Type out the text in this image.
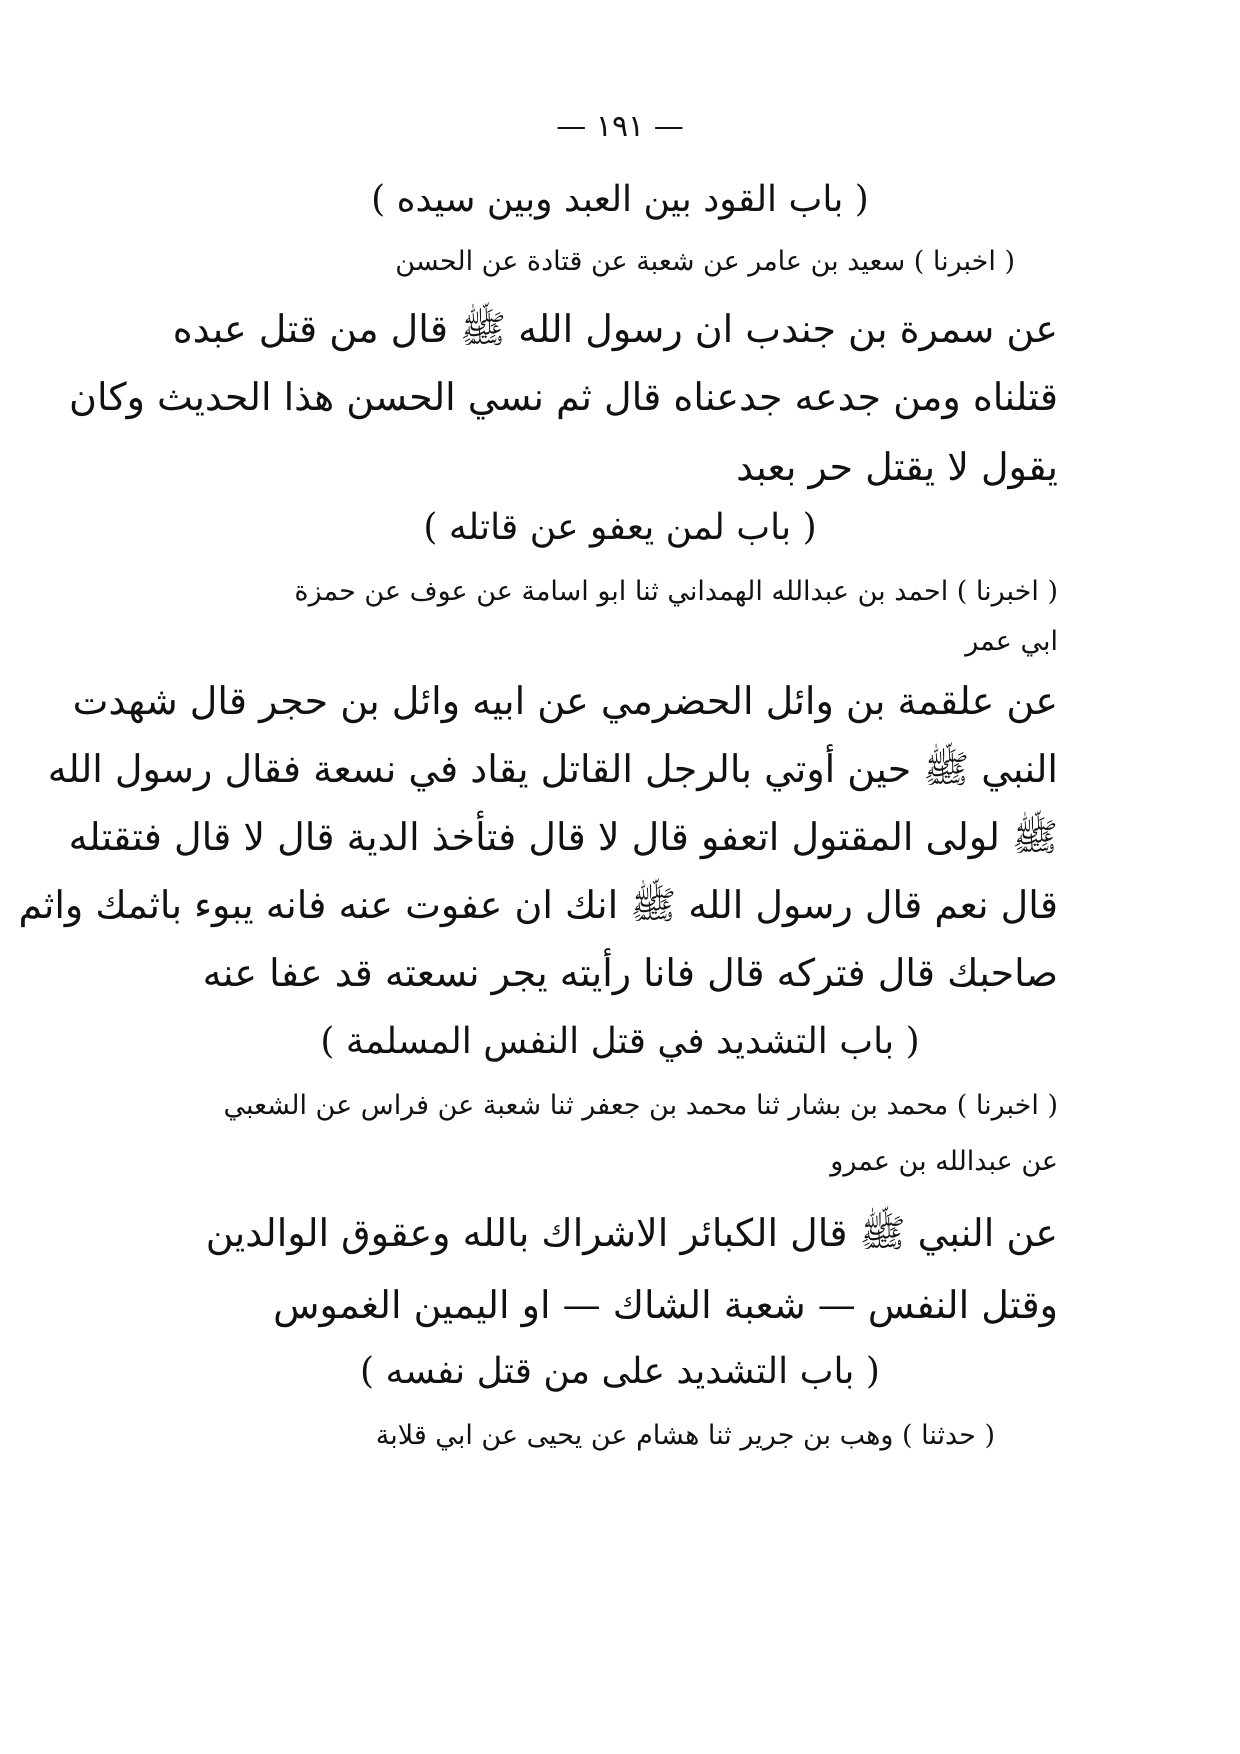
— ١٩١ —
( باب القود بين العبد وبين سيده )
( اخبرنا ) سعيد بن عامر عن شعبة عن قتادة عن الحسن
عن سمرة بن جندب ان رسول الله ﷺ قال من قتل عبده
قتلناه ومن جدعه جدعناه قال ثم نسي الحسن هذا الحديث وكان
يقول لا يقتل حر بعبد
( باب لمن يعفو عن قاتله )
( اخبرنا ) احمد بن عبدالله الهمداني ثنا ابو اسامة عن عوف عن حمزة
ابي عمر
عن علقمة بن وائل الحضرمي عن ابيه وائل بن حجر قال شهدت
النبي ﷺ حين أوتي بالرجل القاتل يقاد في نسعة فقال رسول الله
ﷺ لولى المقتول اتعفو قال لا قال فتأخذ الدية قال لا قال فتقتله
قال نعم قال رسول الله ﷺ انك ان عفوت عنه فانه يبوء باثمك واثم
صاحبك قال فتركه قال فانا رأيته يجر نسعته قد عفا عنه
( باب التشديد في قتل النفس المسلمة )
( اخبرنا ) محمد بن بشار ثنا محمد بن جعفر ثنا شعبة عن فراس عن الشعبي
عن عبدالله بن عمرو
عن النبي ﷺ قال الكبائر الاشراك بالله وعقوق الوالدين
وقتل النفس — شعبة الشاك — او اليمين الغموس
( باب التشديد على من قتل نفسه )
( حدثنا ) وهب بن جرير ثنا هشام عن يحيى عن ابي قلابة
